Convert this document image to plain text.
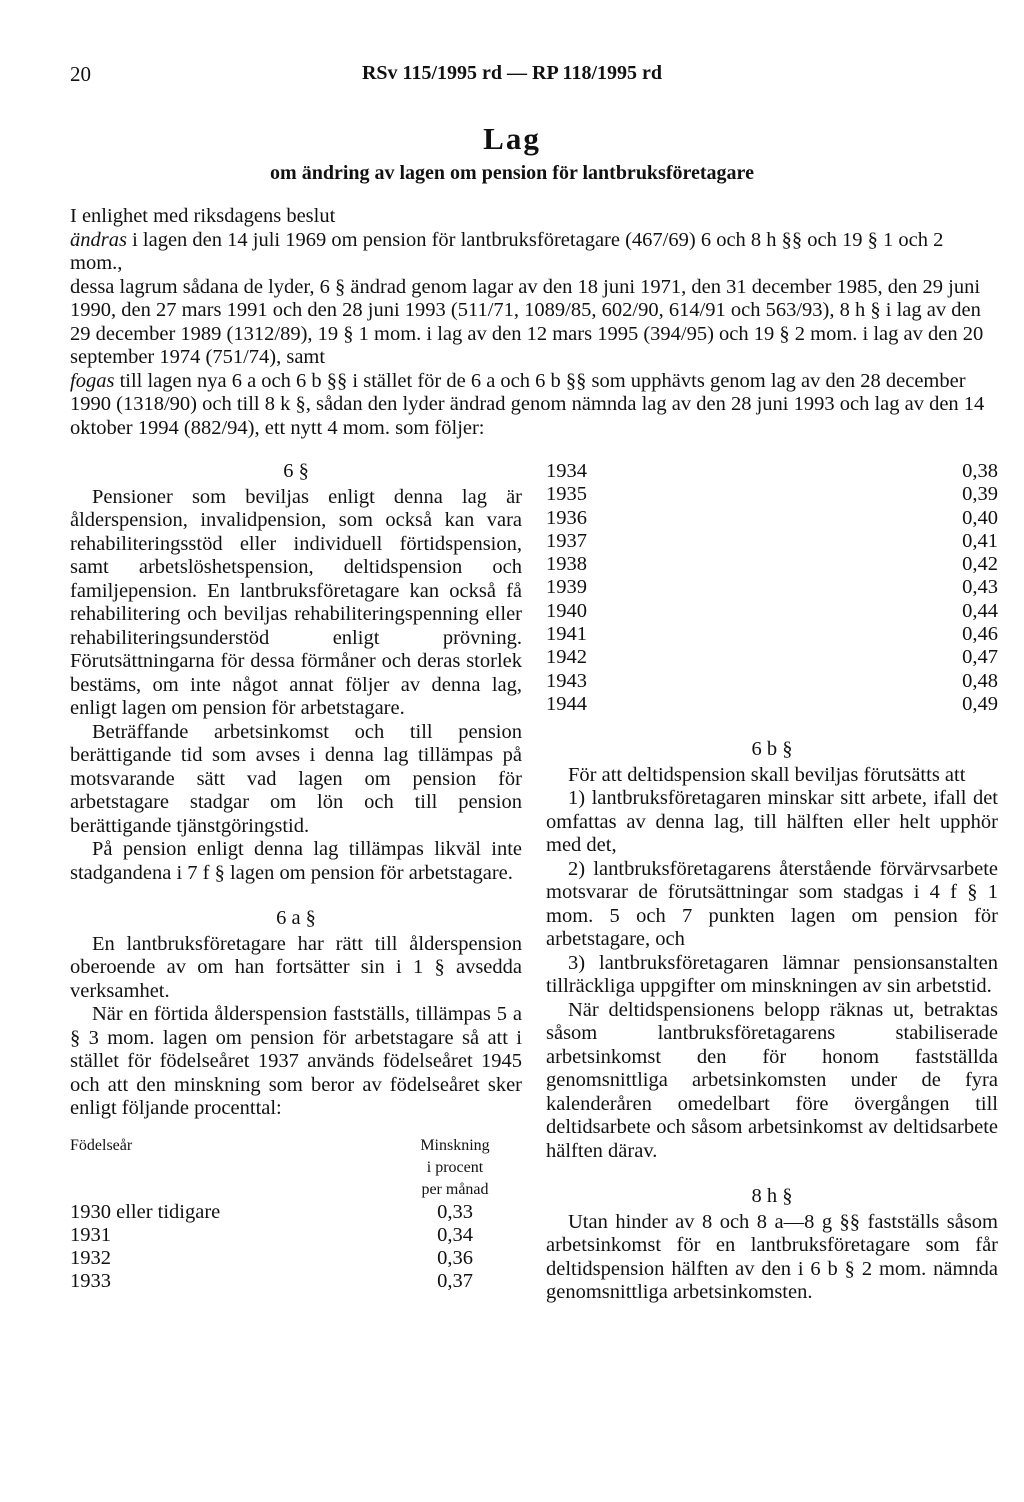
20	RSv 115/1995 rd — RP 118/1995 rd
Lag
om ändring av lagen om pension för lantbruksföretagare

I enlighet med riksdagens beslut

ändras i lagen den 14 juli 1969 om pension för lantbruksföretagare (467/69) 6 och 8 h §§ och 19 § 1 och 2 mom.,

dessa lagrum sådana de lyder, 6 § ändrad genom lagar av den 18 juni 1971, den 31 december 1985, den 29 juni 1990, den 27 mars 1991 och den 28 juni 1993 (511/71, 1089/85, 602/90, 614/91 och 563/93), 8 h § i lag av den 29 december 1989 (1312/89), 19 § 1 mom. i lag av den 12 mars 1995 (394/95) och 19 § 2 mom. i lag av den 20 september 1974 (751/74), samt

fogas till lagen nya 6 a och 6 b §§ i stället för de 6 a och 6 b §§ som upphävts genom lag av den 28 december 1990 (1318/90) och till 8 k §, sådan den lyder ändrad genom nämnda lag av den 28 juni 1993 och lag av den 14 oktober 1994 (882/94), ett nytt 4 mom. som följer:

6 §

Pensioner som beviljas enligt denna lag är ålderspension, invalidpension, som också kan vara rehabiliteringsstöd eller individuell förtidspension, samt arbetslöshetspension, deltidspension och familjepension. En lantbruksföretagare kan också få rehabilitering och beviljas rehabiliteringspenning eller rehabiliteringsunderstöd enligt prövning. Förutsättningarna för dessa förmåner och deras storlek bestäms, om inte något annat följer av denna lag, enligt lagen om pension för arbetstagare.

Beträffande arbetsinkomst och till pension berättigande tid som avses i denna lag tillämpas på motsvarande sätt vad lagen om pension för arbetstagare stadgar om lön och till pension berättigande tjänstgöringstid.

På pension enligt denna lag tillämpas likväl inte stadgandena i 7 f § lagen om pension för arbetstagare.

6 a §

En lantbruksföretagare har rätt till ålderspension oberoende av om han fortsätter sin i 1 § avsedda verksamhet.

När en förtida ålderspension fastställs, tillämpas 5 a § 3 mom. lagen om pension för arbetstagare så att i stället för födelseåret 1937 används födelseåret 1945 och att den minskning som beror av födelseåret sker enligt följande procenttal:

Födelseår	Minskning
i procent
per månad

1930 eller tidigare	0,33
1931	0,34
1932	0,36
1933	0,37
1934	0,38
1935	0,39
1936	0,40
1937	0,41
1938	0,42
1939	0,43
1940	0,44
1941	0,46
1942	0,47
1943	0,48
1944	0,49
6 b §

För att deltidspension skall beviljas förutsätts att

1) lantbruksföretagaren minskar sitt arbete, ifall det omfattas av denna lag, till hälften eller helt upphör med det,

2) lantbruksföretagarens återstående förvärvsarbete motsvarar de förutsättningar som stadgas i 4 f § 1 mom. 5 och 7 punkten lagen om pension för arbetstagare, och

3) lantbruksföretagaren lämnar pensionsanstalten tillräckliga uppgifter om minskningen av sin arbetstid.

När deltidspensionens belopp räknas ut, betraktas såsom lantbruksföretagarens stabiliserade arbetsinkomst den för honom fastställda genomsnittliga arbetsinkomsten under de fyra kalenderåren omedelbart före övergången till deltidsarbete och såsom arbetsinkomst av deltidsarbete hälften därav.

8 h §

Utan hinder av 8 och 8 a—8 g §§ fastställs såsom arbetsinkomst för en lantbruksföretagare som får deltidspension hälften av den i 6 b § 2 mom. nämnda genomsnittliga arbetsinkomsten.
